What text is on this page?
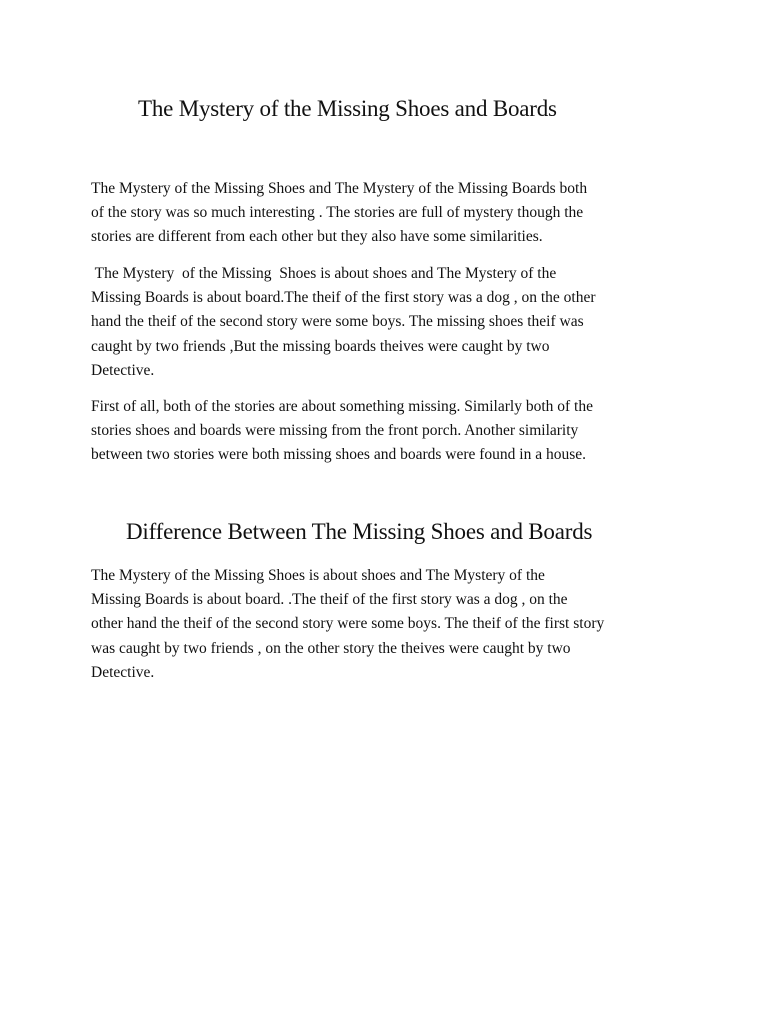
The Mystery of the Missing Shoes and Boards

The Mystery of the Missing Shoes and The Mystery of the Missing Boards both
of the story was so much interesting . The stories are full of mystery though the
stories are different from each other but they also have some similarities.

The Mystery  of the Missing  Shoes is about shoes and The Mystery of the
Missing Boards is about board.The theif of the first story was a dog , on the other
hand the theif of the second story were some boys. The missing shoes theif was
caught by two friends ,But the missing boards theives were caught by two
Detective.

First of all, both of the stories are about something missing. Similarly both of the
stories shoes and boards were missing from the front porch. Another similarity
between two stories were both missing shoes and boards were found in a house.

Difference Between The Missing Shoes and Boards

The Mystery of the Missing Shoes is about shoes and The Mystery of the
Missing Boards is about board. .The theif of the first story was a dog , on the
other hand the theif of the second story were some boys. The theif of the first story
was caught by two friends , on the other story the theives were caught by two
Detective.
